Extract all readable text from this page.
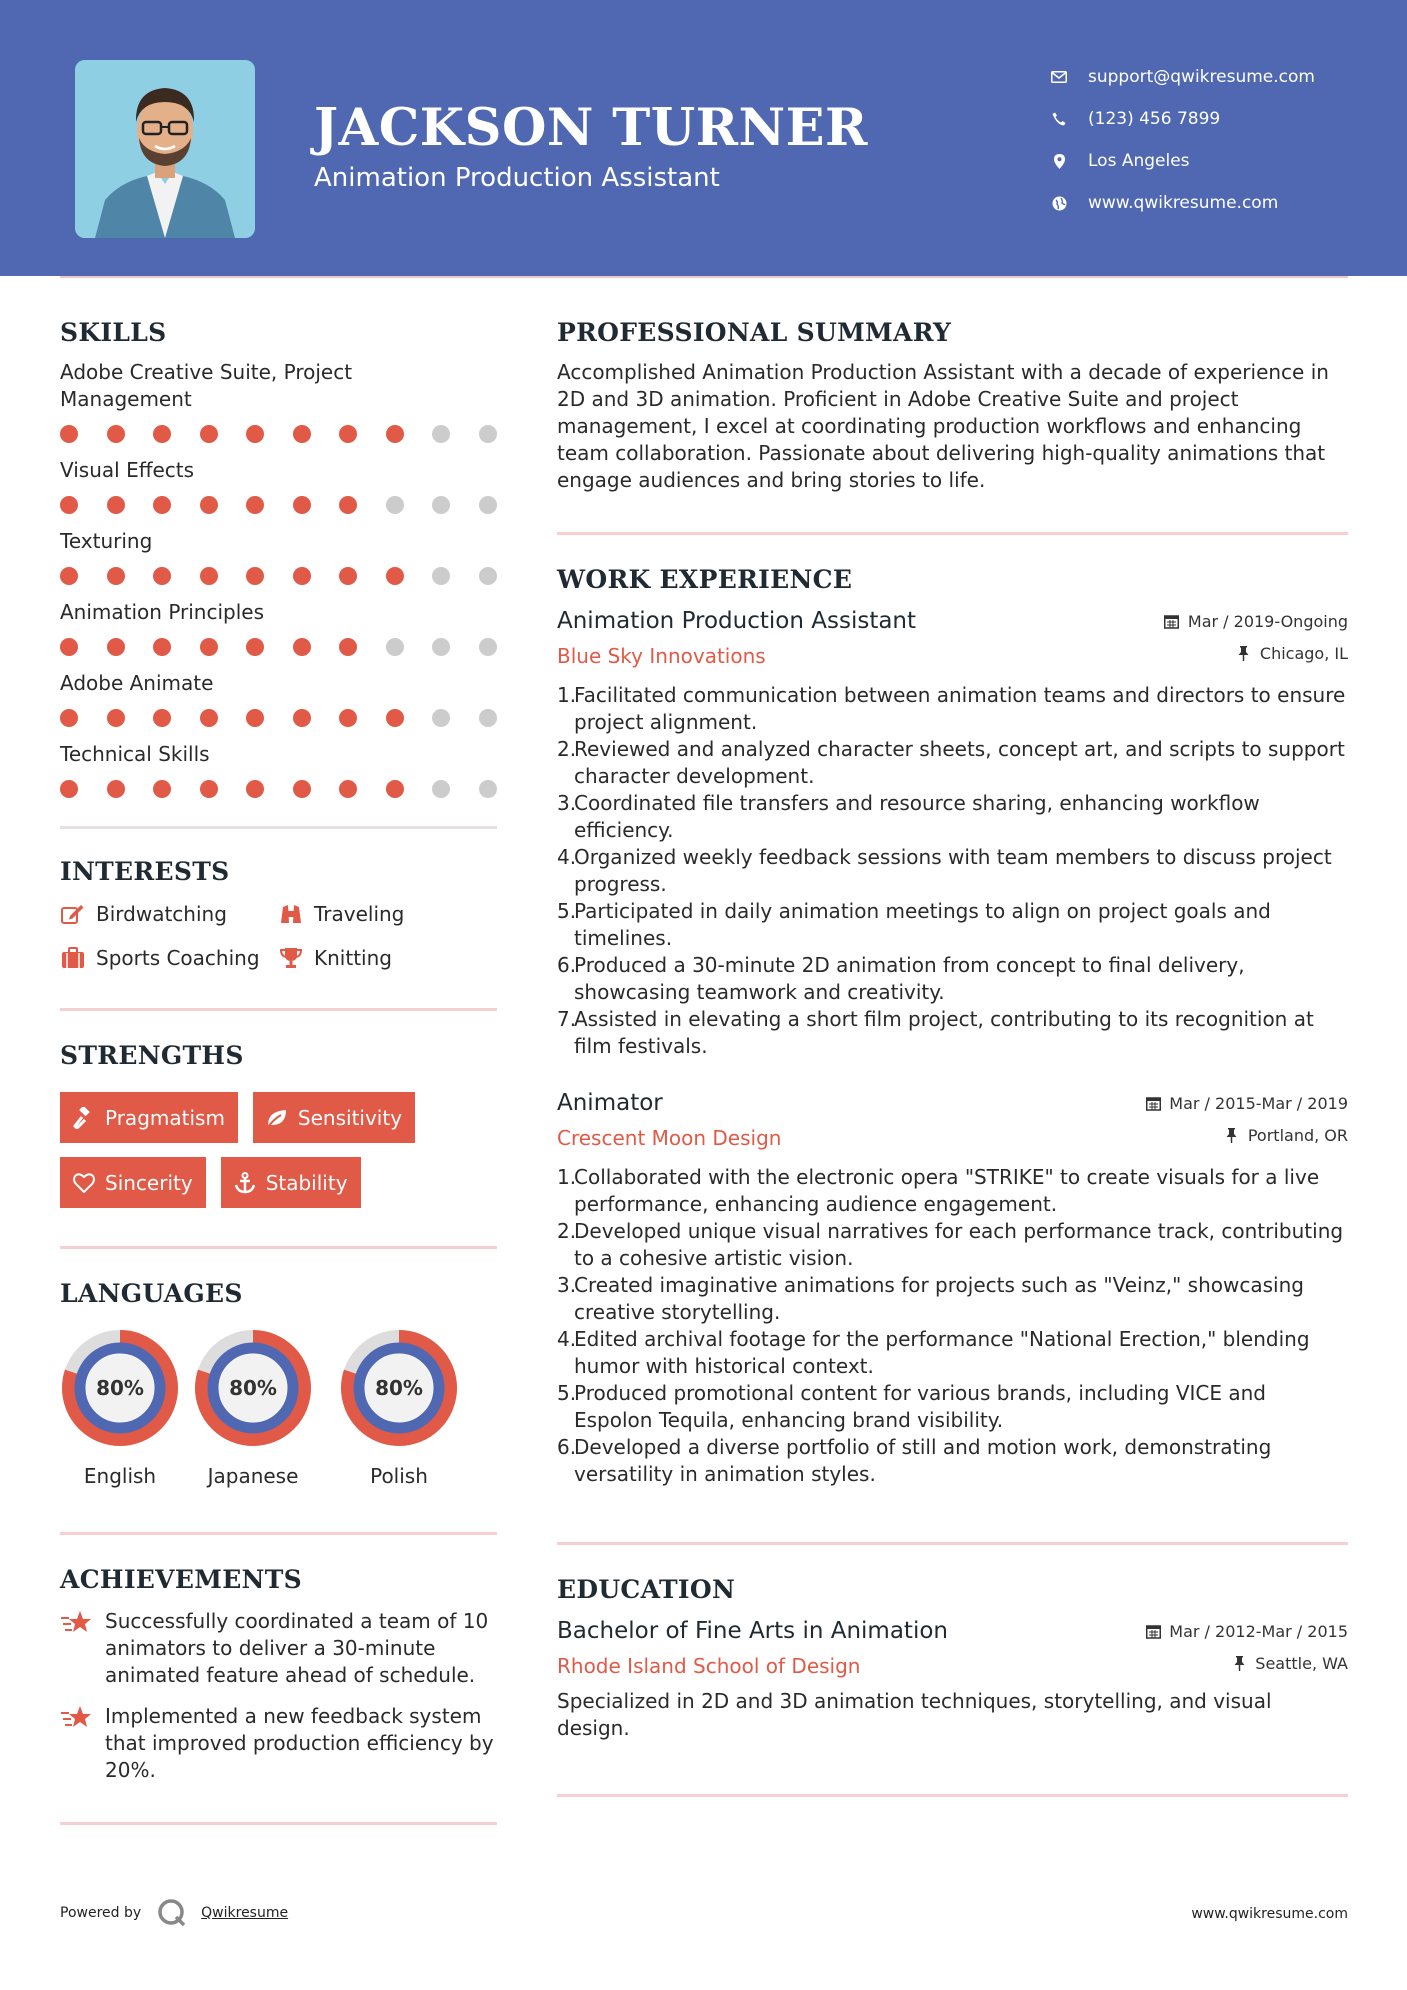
JACKSON TURNER
Animation Production Assistant
support@qwikresume.com
(123) 456 7899
Los Angeles
www.qwikresume.com
SKILLS
Adobe Creative Suite, Project Management
Visual Effects
Texturing
Animation Principles
Adobe Animate
Technical Skills
INTERESTS
Birdwatching	Traveling
Sports Coaching	Knitting
STRENGTHS
Pragmatism	Sensitivity
Sincerity	Stability
LANGUAGES
80%
English
80%
Japanese
80%
Polish
ACHIEVEMENTS
Successfully coordinated a team of 10 animators to deliver a 30-minute animated feature ahead of schedule.
Implemented a new feedback system that improved production efficiency by 20%.
PROFESSIONAL SUMMARY
Accomplished Animation Production Assistant with a decade of experience in 2D and 3D animation. Proficient in Adobe Creative Suite and project management, I excel at coordinating production workflows and enhancing team collaboration. Passionate about delivering high-quality animations that engage audiences and bring stories to life.
WORK EXPERIENCE
Animation Production Assistant	Mar / 2019-Ongoing
Blue Sky Innovations	Chicago, IL
1.
Facilitated communication between animation teams and directors to ensure project alignment.
2.
Reviewed and analyzed character sheets, concept art, and scripts to support character development.
3.
Coordinated file transfers and resource sharing, enhancing workflow efficiency.
4.
Organized weekly feedback sessions with team members to discuss project progress.
5.
Participated in daily animation meetings to align on project goals and timelines.
6.
Produced a 30-minute 2D animation from concept to final delivery, showcasing teamwork and creativity.
7.
Assisted in elevating a short film project, contributing to its recognition at film festivals.
Animator	Mar / 2015-Mar / 2019
Crescent Moon Design	Portland, OR
1.
Collaborated with the electronic opera "STRIKE" to create visuals for a live performance, enhancing audience engagement.
2.
Developed unique visual narratives for each performance track, contributing to a cohesive artistic vision.
3.
Created imaginative animations for projects such as "Veinz," showcasing creative storytelling.
4.
Edited archival footage for the performance "National Erection," blending humor with historical context.
5.
Produced promotional content for various brands, including VICE and Espolon Tequila, enhancing brand visibility.
6.
Developed a diverse portfolio of still and motion work, demonstrating versatility in animation styles.
EDUCATION
Bachelor of Fine Arts in Animation	Mar / 2012-Mar / 2015
Rhode Island School of Design	Seattle, WA
Specialized in 2D and 3D animation techniques, storytelling, and visual design.
Powered by	Qwikresume	www.qwikresume.com
